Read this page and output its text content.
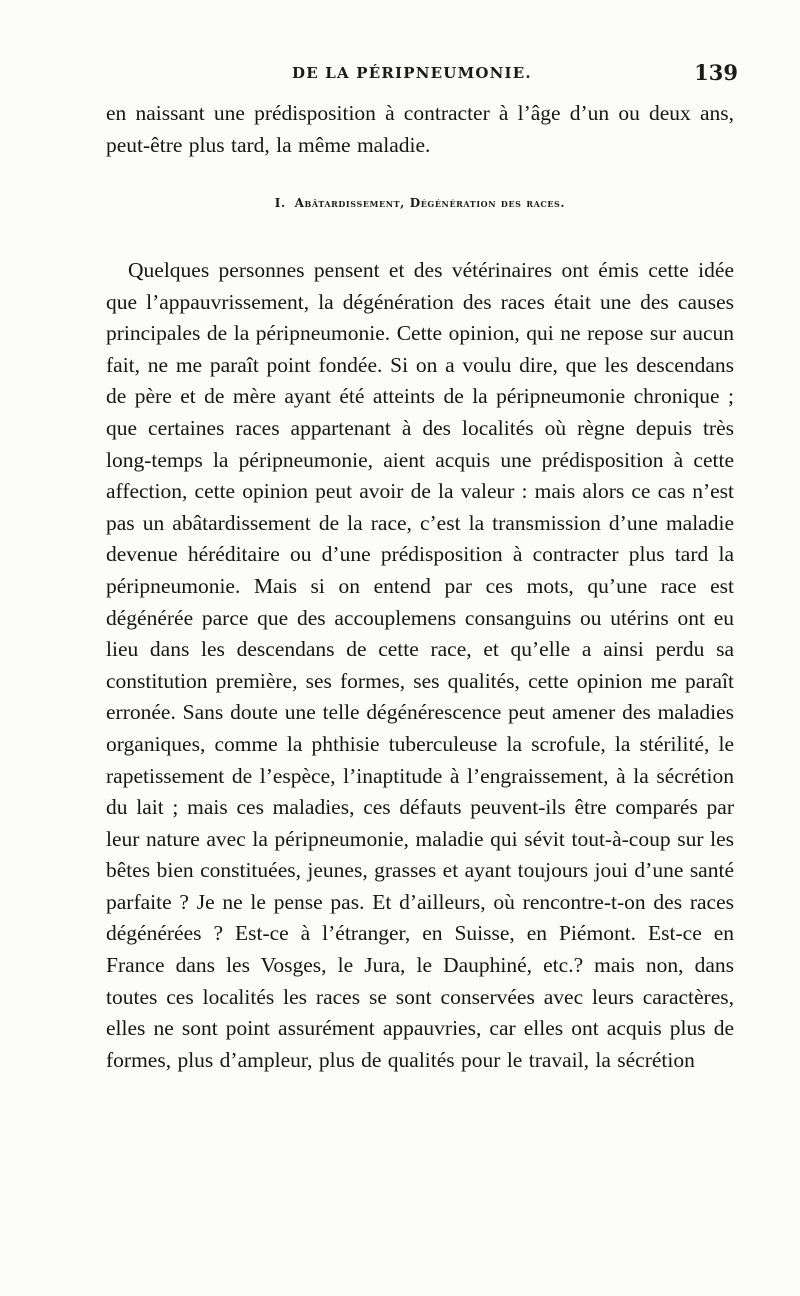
DE LA PÉRIPNEUMONIE.	139

en naissant une prédisposition à contracter à l’âge d’un ou deux ans, peut-être plus tard, la même maladie.

I. Abâtardissement, Dégénération des races.

Quelques personnes pensent et des vétérinaires ont émis cette idée que l’appauvrissement, la dégénération des races était une des causes principales de la péripneumonie. Cette opinion, qui ne repose sur aucun fait, ne me paraît point fondée. Si on a voulu dire, que les descendans de père et de mère ayant été atteints de la péripneumonie chronique ; que certaines races appartenant à des localités où règne depuis très long-temps la péripneumonie, aient acquis une prédisposition à cette affection, cette opinion peut avoir de la valeur : mais alors ce cas n’est pas un abâtardissement de la race, c’est la transmission d’une maladie devenue héréditaire ou d’une prédisposition à contracter plus tard la péripneumonie. Mais si on entend par ces mots, qu’une race est dégénérée parce que des accouplemens consanguins ou utérins ont eu lieu dans les descendans de cette race, et qu’elle a ainsi perdu sa constitution première, ses formes, ses qualités, cette opinion me paraît erronée. Sans doute une telle dégénérescence peut amener des maladies organiques, comme la phthisie tuberculeuse la scrofule, la stérilité, le rapetissement de l’espèce, l’inaptitude à l’engraissement, à la sécrétion du lait ; mais ces maladies, ces défauts peuvent-ils être comparés par leur nature avec la péripneumonie, maladie qui sévit tout-à-coup sur les bêtes bien constituées, jeunes, grasses et ayant toujours joui d’une santé parfaite ? Je ne le pense pas. Et d’ailleurs, où rencontre-t-on des races dégénérées ? Est-ce à l’étranger, en Suisse, en Piémont. Est-ce en France dans les Vosges, le Jura, le Dauphiné, etc.? mais non, dans toutes ces localités les races se sont conservées avec leurs caractères, elles ne sont point assurément appauvries, car elles ont acquis plus de formes, plus d’ampleur, plus de qualités pour le travail, la sécrétion
